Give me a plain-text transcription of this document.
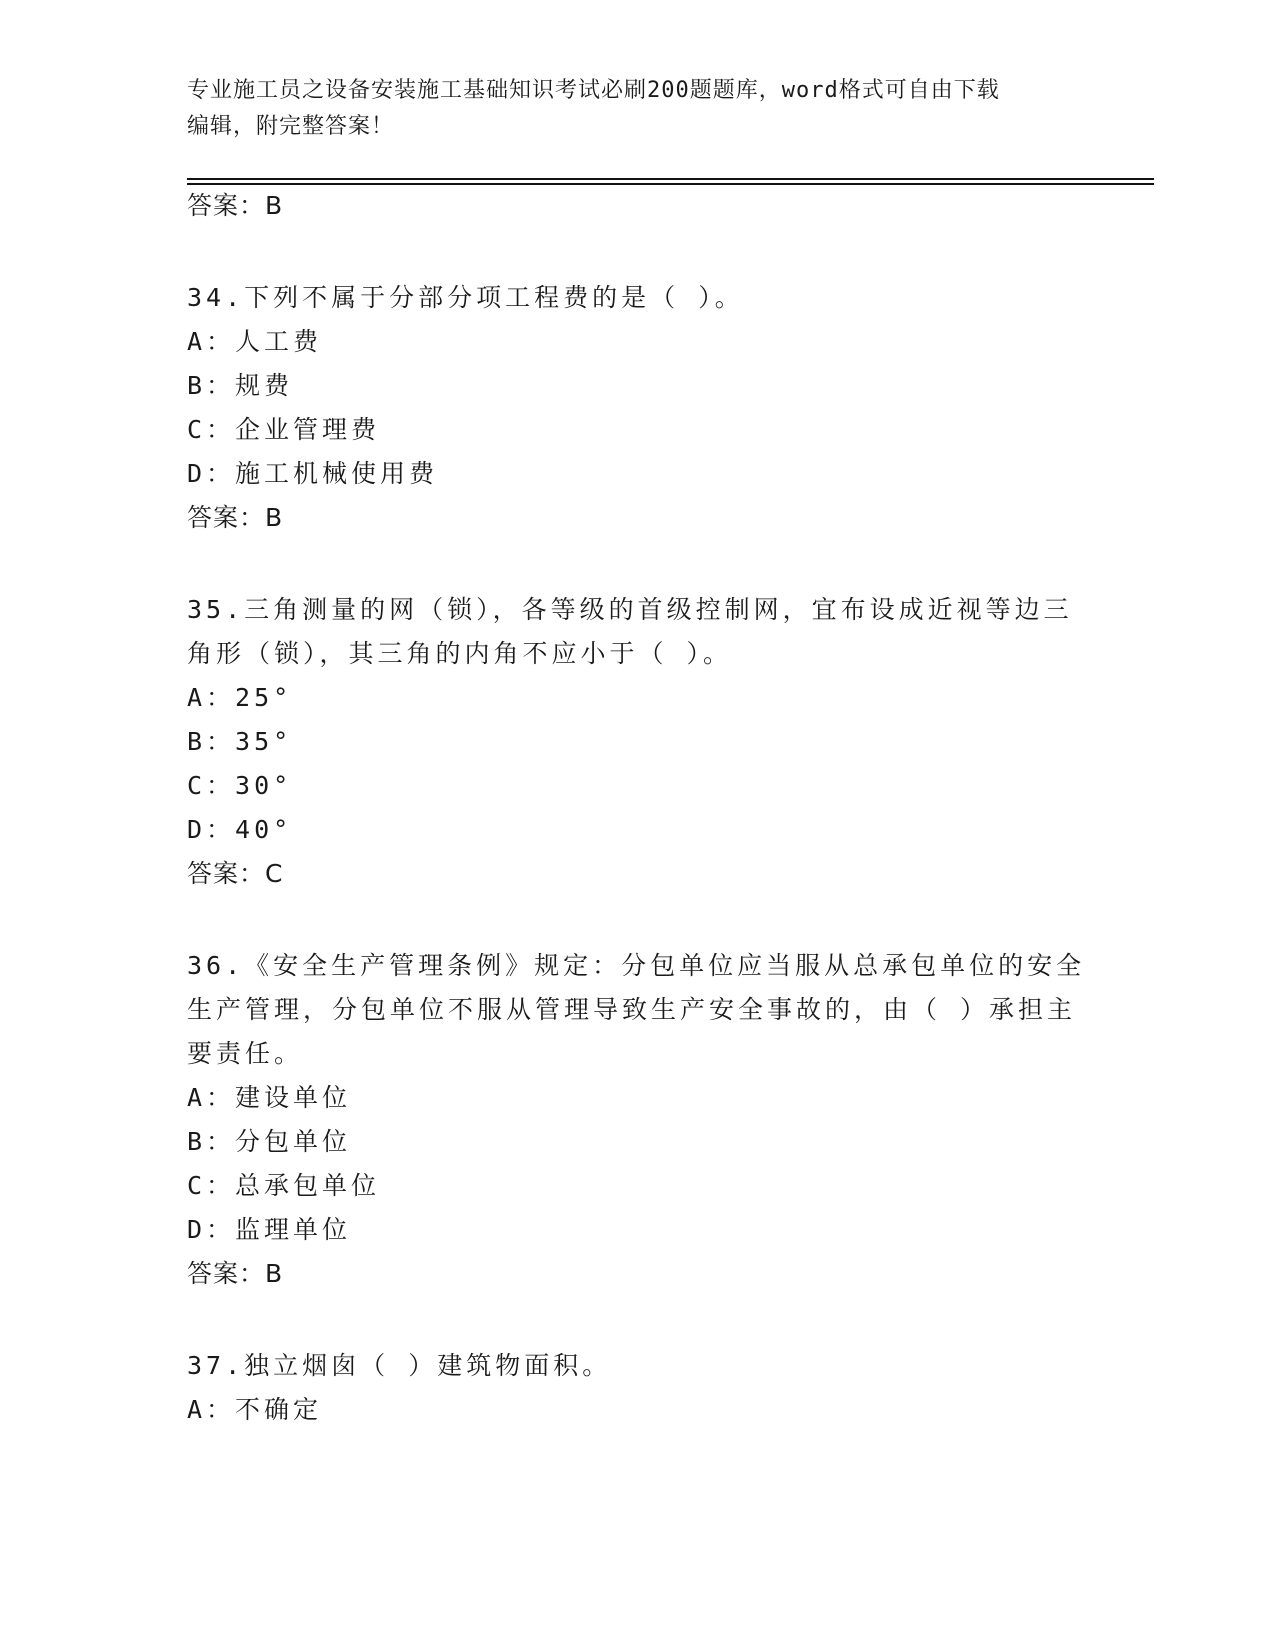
专业施工员之设备安装施工基础知识考试必刷200题题库，word格式可自由下载
编辑，附完整答案！
答案：B
34.下列不属于分部分项工程费的是（ ）。
A：人工费
B：规费
C：企业管理费
D：施工机械使用费
答案：B
35.三角测量的网（锁），各等级的首级控制网，宜布设成近视等边三
角形（锁），其三角的内角不应小于（ ）。
A：25°
B：35°
C：30°
D：40°
答案：C
36.《安全生产管理条例》规定：分包单位应当服从总承包单位的安全
生产管理，分包单位不服从管理导致生产安全事故的，由（ ）承担主
要责任。
A：建设单位
B：分包单位
C：总承包单位
D：监理单位
答案：B
37.独立烟囱（ ）建筑物面积。
A：不确定
